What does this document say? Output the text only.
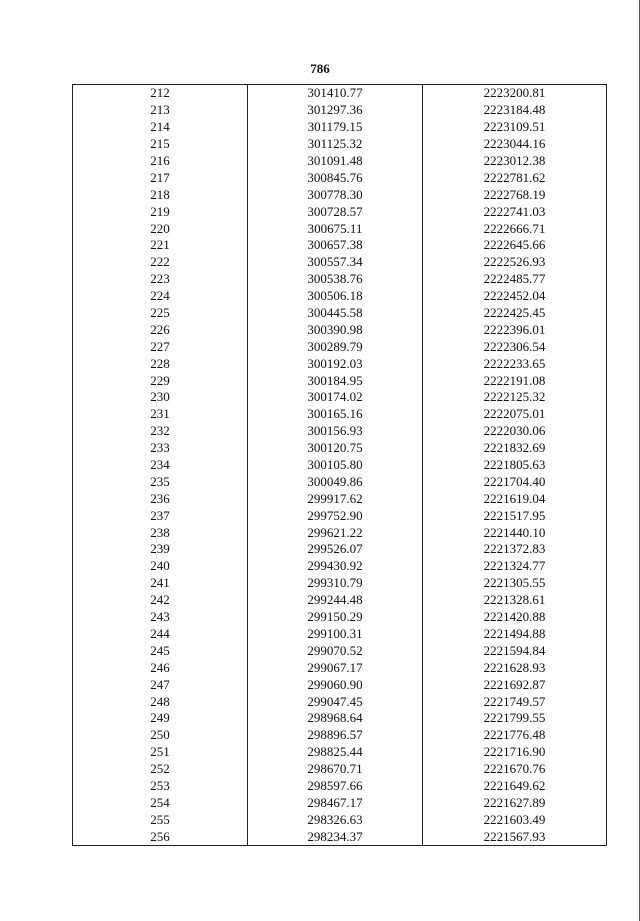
786
212	301410.77	2223200.81
213	301297.36	2223184.48
214	301179.15	2223109.51
215	301125.32	2223044.16
216	301091.48	2223012.38
217	300845.76	2222781.62
218	300778.30	2222768.19
219	300728.57	2222741.03
220	300675.11	2222666.71
221	300657.38	2222645.66
222	300557.34	2222526.93
223	300538.76	2222485.77
224	300506.18	2222452.04
225	300445.58	2222425.45
226	300390.98	2222396.01
227	300289.79	2222306.54
228	300192.03	2222233.65
229	300184.95	2222191.08
230	300174.02	2222125.32
231	300165.16	2222075.01
232	300156.93	2222030.06
233	300120.75	2221832.69
234	300105.80	2221805.63
235	300049.86	2221704.40
236	299917.62	2221619.04
237	299752.90	2221517.95
238	299621.22	2221440.10
239	299526.07	2221372.83
240	299430.92	2221324.77
241	299310.79	2221305.55
242	299244.48	2221328.61
243	299150.29	2221420.88
244	299100.31	2221494.88
245	299070.52	2221594.84
246	299067.17	2221628.93
247	299060.90	2221692.87
248	299047.45	2221749.57
249	298968.64	2221799.55
250	298896.57	2221776.48
251	298825.44	2221716.90
252	298670.71	2221670.76
253	298597.66	2221649.62
254	298467.17	2221627.89
255	298326.63	2221603.49
256	298234.37	2221567.93
